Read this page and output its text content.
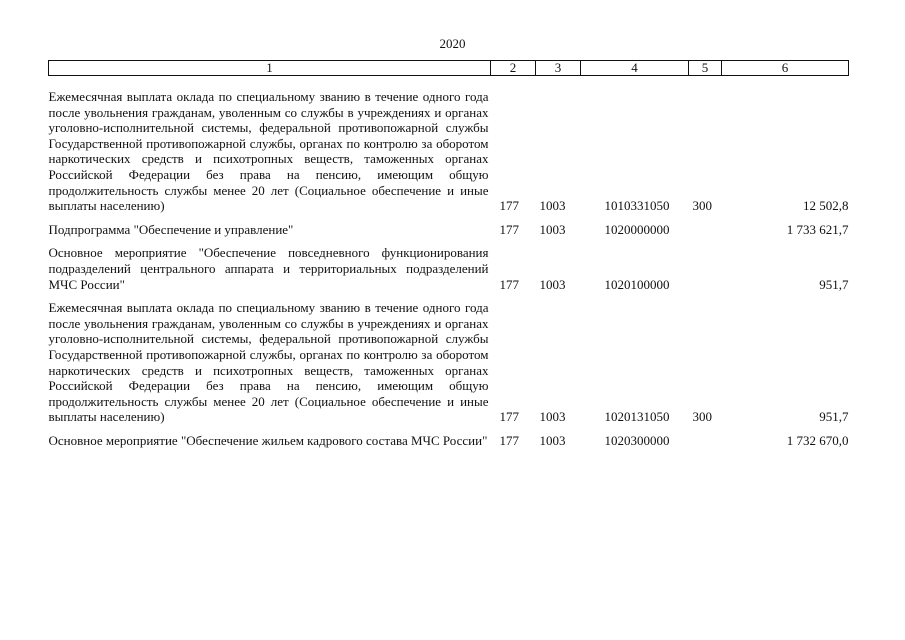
2020
1	2	3	4	5	6
Ежемесячная выплата оклада по специальному званию в течение одного года после увольнения гражданам, уволенным со службы в учреждениях и органах уголовно-исполнительной системы, федеральной противопожарной службы Государственной противопожарной службы, органах по контролю за оборотом наркотических средств и психотропных веществ, таможенных органах Российской Федерации без права на пенсию, имеющим общую продолжительность службы менее 20 лет (Социальное обеспечение и иные выплаты населению)	177	1003	1010331050	300	12 502,8
Подпрограмма "Обеспечение и управление"	177	1003	1020000000		1 733 621,7
Основное мероприятие "Обеспечение повседневного функционирования подразделений центрального аппарата и территориальных подразделений МЧС России"	177	1003	1020100000		951,7
Ежемесячная выплата оклада по специальному званию в течение одного года после увольнения гражданам, уволенным со службы в учреждениях и органах уголовно-исполнительной системы, федеральной противопожарной службы Государственной противопожарной службы, органах по контролю за оборотом наркотических средств и психотропных веществ, таможенных органах Российской Федерации без права на пенсию, имеющим общую продолжительность службы менее 20 лет (Социальное обеспечение и иные выплаты населению)	177	1003	1020131050	300	951,7
Основное мероприятие "Обеспечение жильем кадрового состава МЧС России"	177	1003	1020300000		1 732 670,0
